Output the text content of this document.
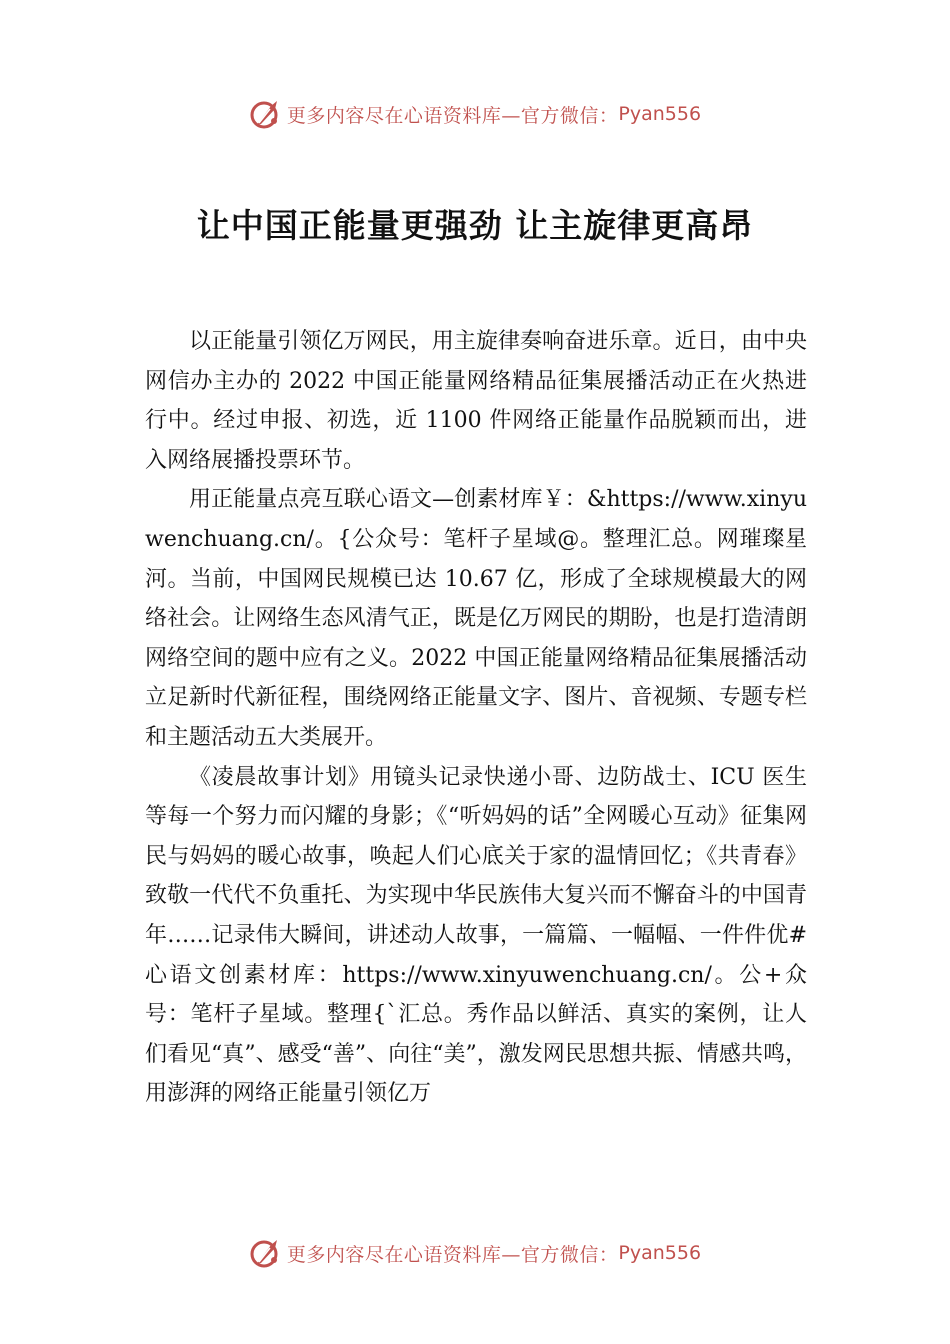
更多内容尽在心语资料库—官方微信： Pyan556
让中国正能量更强劲 让主旋律更高昂

以正能量引领亿万网民，用主旋律奏响奋进乐章。近日，由中央网信办主办的 2022 中国正能量网络精品征集展播活动正在火热进行中。经过申报、初选，近 1100 件网络正能量作品脱颖而出，进入网络展播投票环节。

用正能量点亮互联心语文—创素材库￥：&https://www.xinyuwenchuang.cn/。{公众号：笔杆子星域@。整理汇总。网璀璨星河。当前，中国网民规模已达 10.67 亿，形成了全球规模最大的网络社会。让网络生态风清气正，既是亿万网民的期盼，也是打造清朗网络空间的题中应有之义。2022 中国正能量网络精品征集展播活动立足新时代新征程，围绕网络正能量文字、图片、音视频、专题专栏和主题活动五大类展开。

《凌晨故事计划》用镜头记录快递小哥、边防战士、ICU 医生等每一个努力而闪耀的身影；《“听妈妈的话”全网暖心互动》征集网民与妈妈的暖心故事，唤起人们心底关于家的温情回忆；《共青春》致敬一代代不负重托、为实现中华民族伟大复兴而不懈奋斗的中国青年……记录伟大瞬间，讲述动人故事，一篇篇、一幅幅、一件件优#心语文创素材库：https://www.xinyuwenchuang.cn/。公+众号：笔杆子星域。整理{`汇总。秀作品以鲜活、真实的案例，让人们看见“真”、感受“善”、向往“美”，激发网民思想共振、情感共鸣，用澎湃的网络正能量引领亿万

更多内容尽在心语资料库—官方微信： Pyan556
